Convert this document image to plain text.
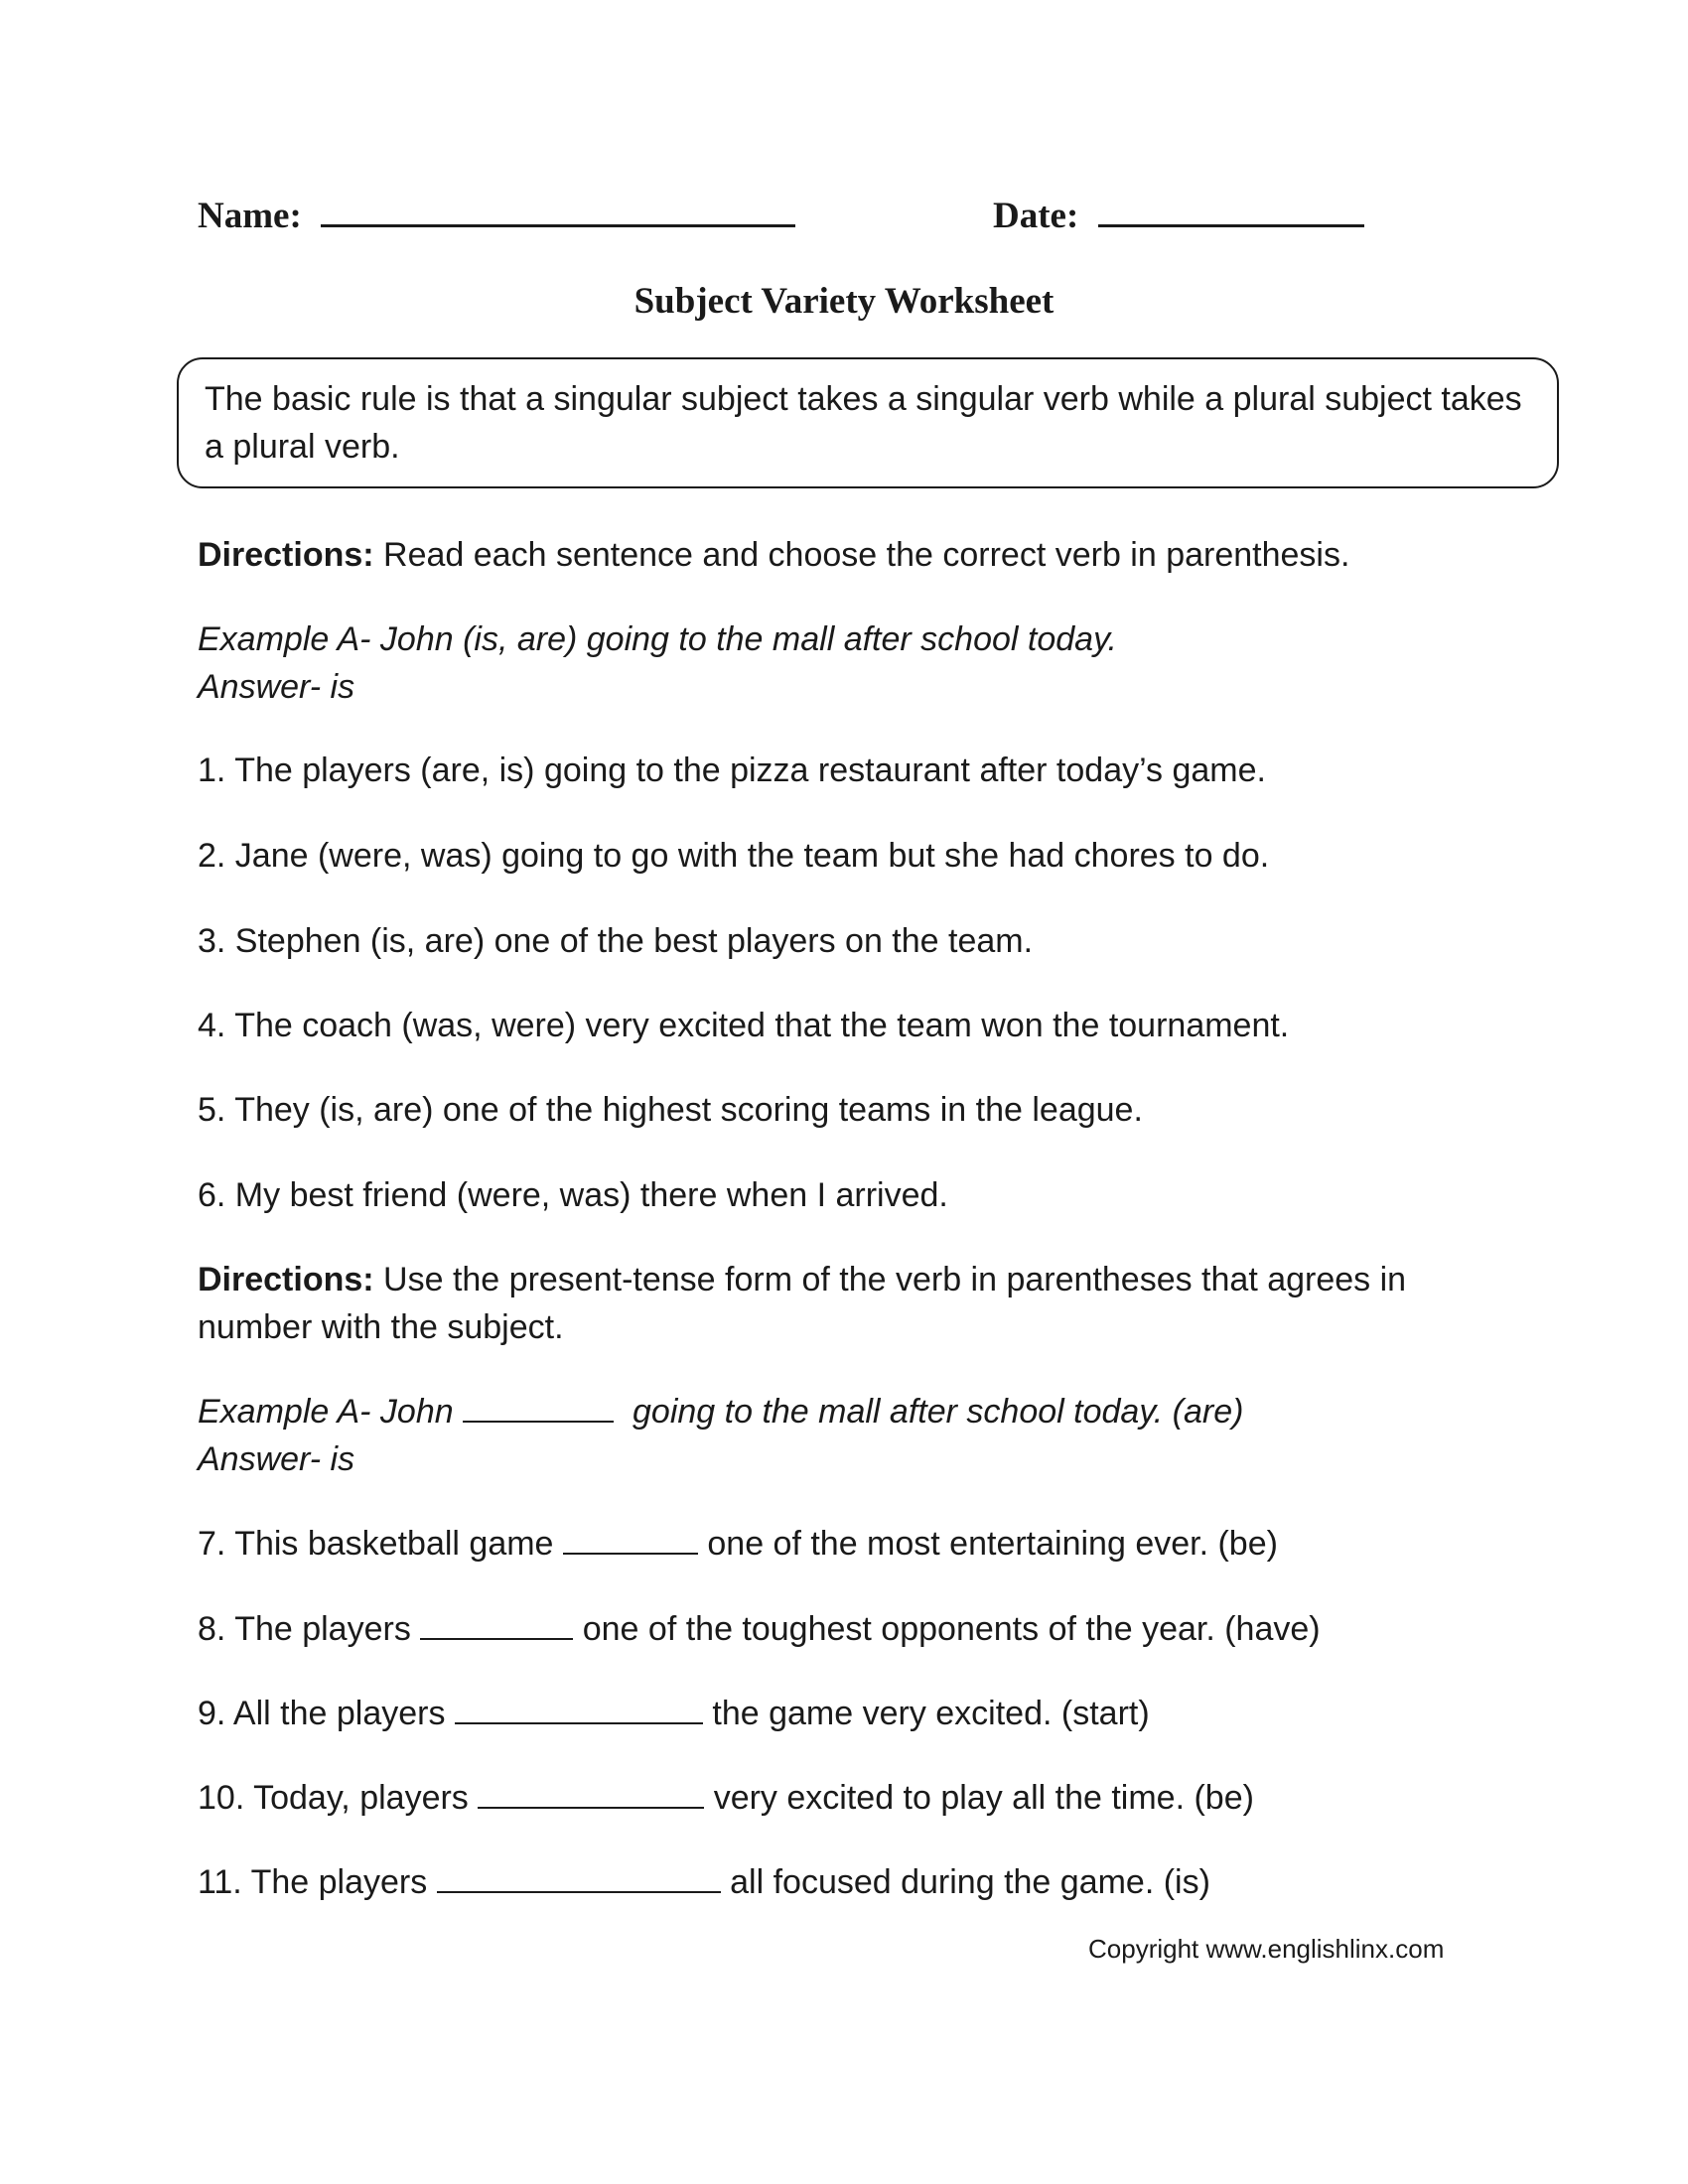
Name:	Date:
Subject Variety Worksheet
The basic rule is that a singular subject takes a singular verb while a plural subject takes a plural verb.
Directions: Read each sentence and choose the correct verb in parenthesis.
Example A- John (is, are) going to the mall after school today.
Answer- is
1. The players (are, is) going to the pizza restaurant after today’s game.
2. Jane (were, was) going to go with the team but she had chores to do.
3. Stephen (is, are) one of the best players on the team.
4. The coach (was, were) very excited that the team won the tournament.
5. They (is, are) one of the highest scoring teams in the league.
6. My best friend (were, was) there when I arrived.
Directions: Use the present-tense form of the verb in parentheses that agrees in
number with the subject.
Example A- John	going to the mall after school today. (are)
Answer- is
7. This basketball game	one of the most entertaining ever. (be)
8. The players	one of the toughest opponents of the year. (have)
9. All the players	the game very excited. (start)
10. Today, players	very excited to play all the time. (be)
11. The players	all focused during the game. (is)
Copyright www.englishlinx.com
